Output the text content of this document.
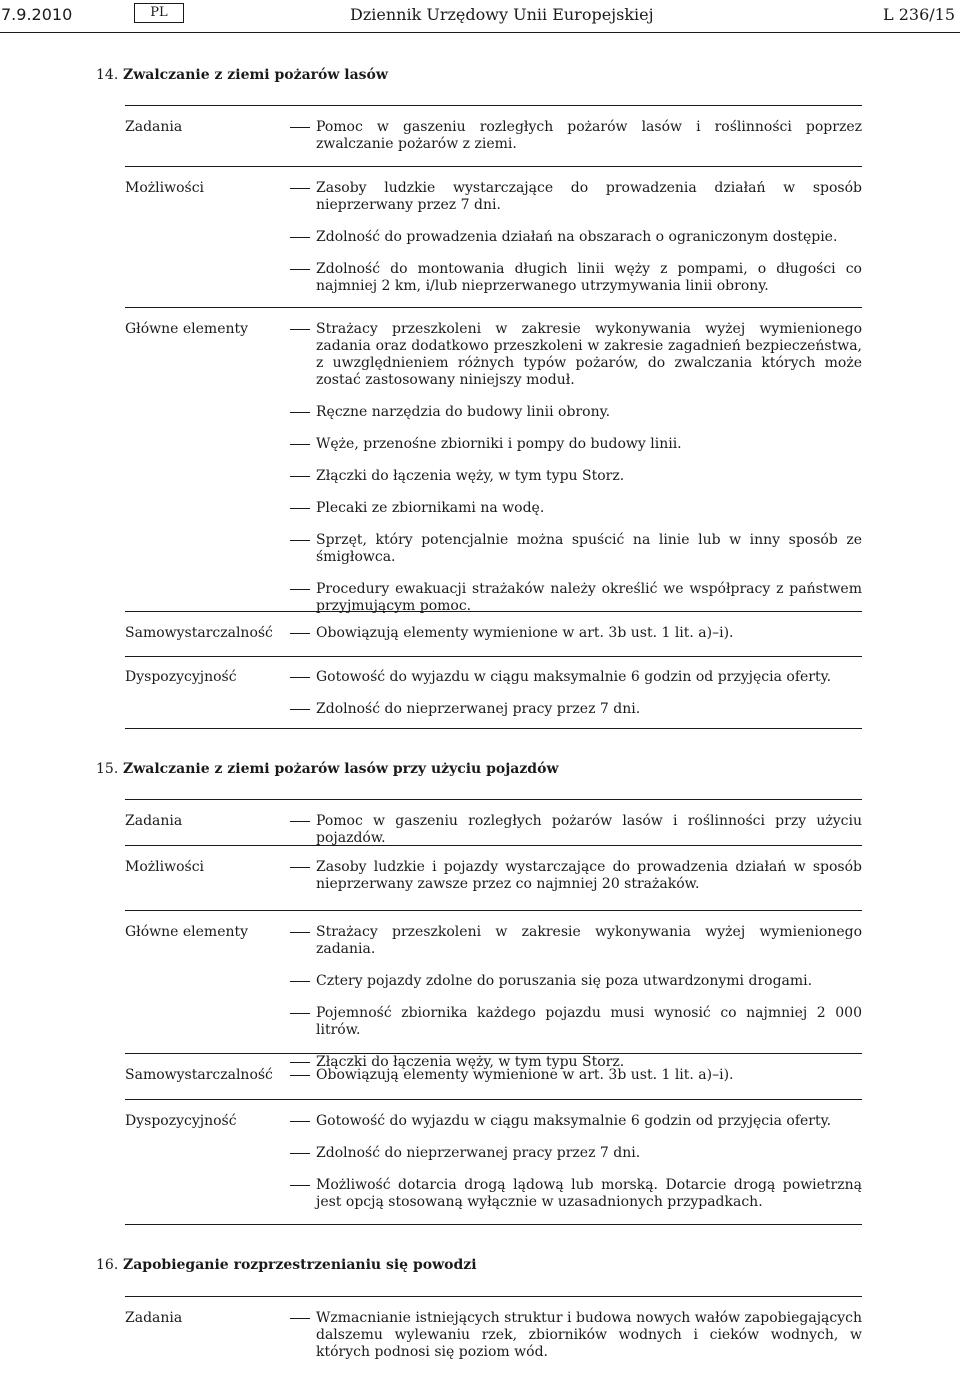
7.9.2010	PL	Dziennik Urzędowy Unii Europejskiej	L 236/15
14. Zwalczanie z ziemi pożarów lasów
Zadania	Pomoc w gaszeniu rozległych pożarów lasów i roślinności poprzez zwalczanie pożarów z ziemi.
Możliwości	Zasoby ludzkie wystarczające do prowadzenia działań w sposób nieprzerwany przez 7 dni.
Zdolność do prowadzenia działań na obszarach o ograniczonym dostępie.
Zdolność do montowania długich linii węży z pompami, o długości co najmniej 2 km, i/lub nieprzerwanego utrzymywania linii obrony.
Główne elementy	Strażacy przeszkoleni w zakresie wykonywania wyżej wymienionego zadania oraz dodatkowo przeszkoleni w zakresie zagadnień bezpieczeństwa, z uwzględnieniem różnych typów pożarów, do zwalczania których może zostać zastosowany niniejszy moduł.
Ręczne narzędzia do budowy linii obrony.
Węże, przenośne zbiorniki i pompy do budowy linii.
Złączki do łączenia węży, w tym typu Storz.
Plecaki ze zbiornikami na wodę.
Sprzęt, który potencjalnie można spuścić na linie lub w inny sposób ze śmigłowca.
Procedury ewakuacji strażaków należy określić we współpracy z państwem przyjmującym pomoc.
Samowystarczalność	Obowiązują elementy wymienione w art. 3b ust. 1 lit. a)–i).
Dyspozycyjność	Gotowość do wyjazdu w ciągu maksymalnie 6 godzin od przyjęcia oferty.
Zdolność do nieprzerwanej pracy przez 7 dni.
15. Zwalczanie z ziemi pożarów lasów przy użyciu pojazdów
Zadania	Pomoc w gaszeniu rozległych pożarów lasów i roślinności przy użyciu pojazdów.
Możliwości	Zasoby ludzkie i pojazdy wystarczające do prowadzenia działań w sposób nieprzerwany zawsze przez co najmniej 20 strażaków.
Główne elementy	Strażacy przeszkoleni w zakresie wykonywania wyżej wymienionego zadania.
Cztery pojazdy zdolne do poruszania się poza utwardzonymi drogami.
Pojemność zbiornika każdego pojazdu musi wynosić co najmniej 2 000 litrów.
Złączki do łączenia węży, w tym typu Storz.
Samowystarczalność	Obowiązują elementy wymienione w art. 3b ust. 1 lit. a)–i).
Dyspozycyjność	Gotowość do wyjazdu w ciągu maksymalnie 6 godzin od przyjęcia oferty.
Zdolność do nieprzerwanej pracy przez 7 dni.
Możliwość dotarcia drogą lądową lub morską. Dotarcie drogą powietrzną jest opcją stosowaną wyłącznie w uzasadnionych przypadkach.
16. Zapobieganie rozprzestrzenianiu się powodzi
Zadania	Wzmacnianie istniejących struktur i budowa nowych wałów zapobiegających dalszemu wylewaniu rzek, zbiorników wodnych i cieków wodnych, w których podnosi się poziom wód.
